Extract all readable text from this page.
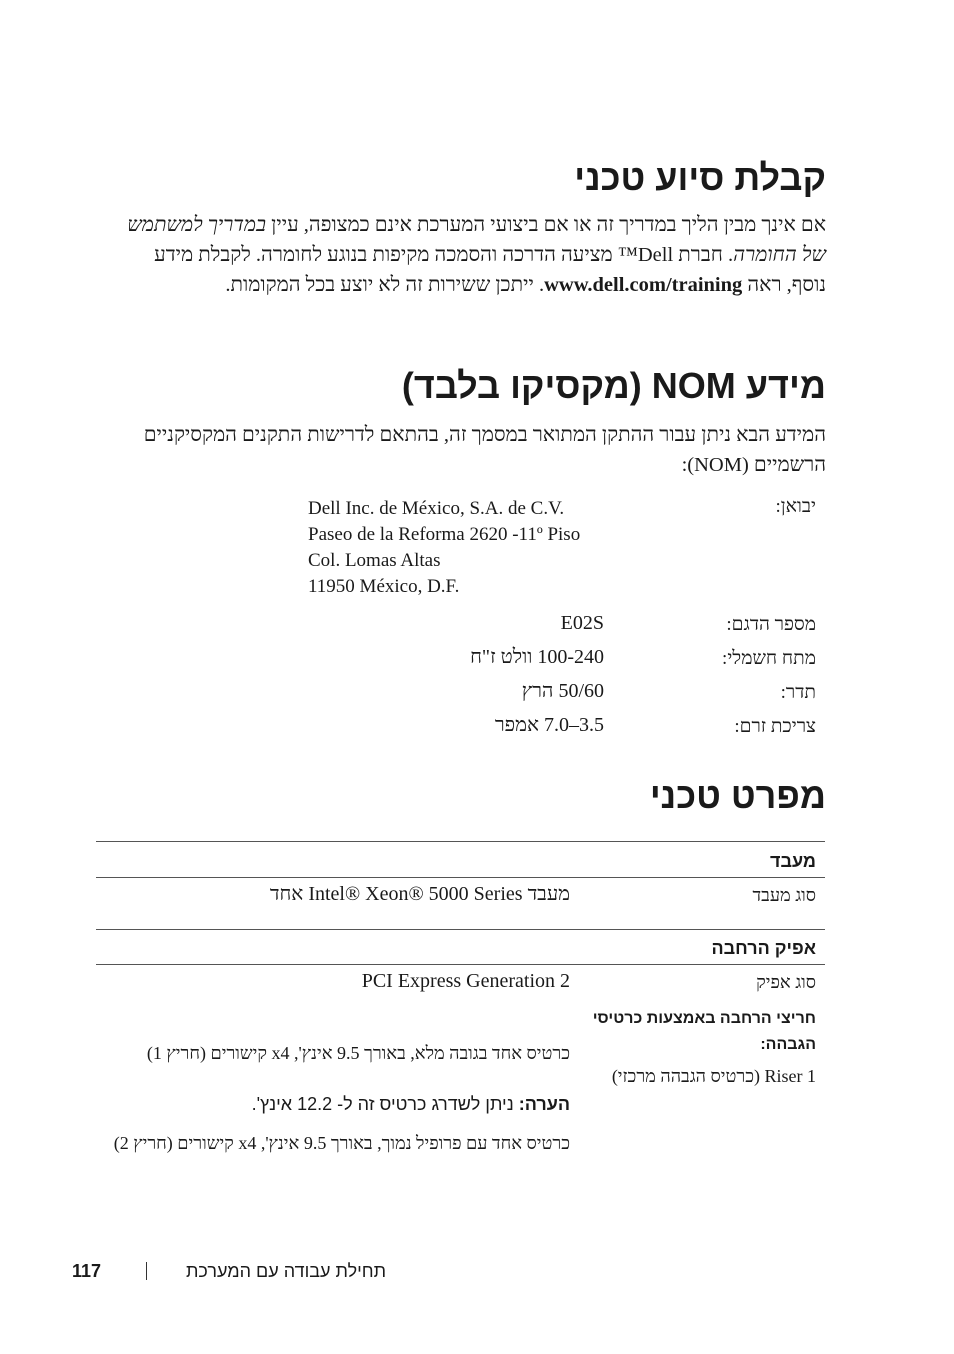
קבלת סיוע טכני

אם אינך מבין הליך במדריך זה או אם ביצועי המערכת אינם כמצופה, עיין במדריך למשתמש של החומרה. חברת Dell™ מציעה הדרכה והסמכה מקיפות בנוגע לחומרה. לקבלת מידע נוסף, ראה www.dell.com/training. ייתכן ששירות זה לא יוצע בכל המקומות.

מידע NOM (מקסיקו בלבד)

המידע הבא ניתן עבור ההתקן המתואר במסמך זה, בהתאם לדרישות התקנים המקסיקניים הרשמיים (NOM):

יבואן:
Dell Inc. de México, S.A. de C.V.
Paseo de la Reforma 2620 -11º Piso
Col. Lomas Altas
11950 México, D.F.
מספר הדגם:
E02S
מתח חשמלי:
100-240 וולט ז"ח
תדר:
50/60 הרץ
צריכת זרם:
3.5–7.0 אמפר
מפרט טכני
מעבד
סוג מעבד
מעבד Intel® Xeon® 5000 Series אחד
אפיק הרחבה
סוג אפיק
PCI Express Generation 2
חריצי הרחבה באמצעות כרטיסי הגבהה:
Riser 1 (כרטיס הגבהה מרכזי)
כרטיס אחד בגובה מלא, באורך 9.5 אינץ', x4 קישורים (חריץ 1)
הערה: ניתן לשדרג כרטיס זה ל- 12.2 אינץ'.
כרטיס אחד עם פרופיל נמוך, באורך 9.5 אינץ', x4 קישורים (חריץ 2)
117	תחילת עבודה עם המערכת
